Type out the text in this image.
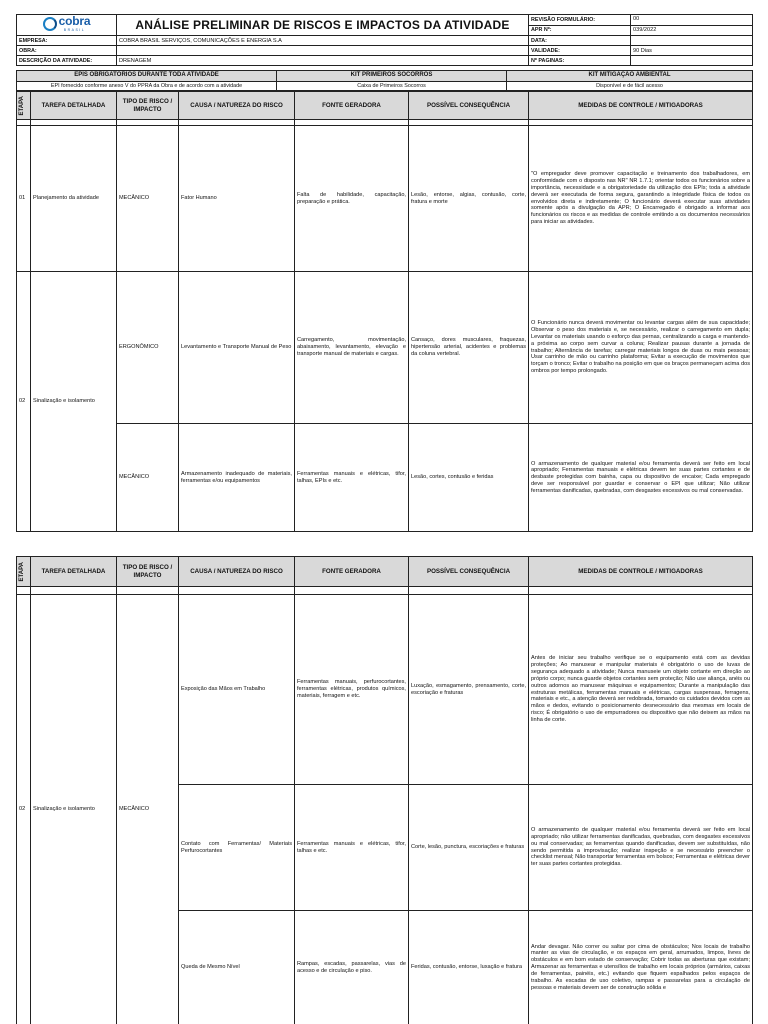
cobra
BRASIL	ANÁLISE PRELIMINAR DE RISCOS E IMPACTOS DA ATIVIDADE	REVISÃO FORMULÁRIO:	00
		APR Nº:	039/2022
EMPRESA:	COBRA BRASIL SERVIÇOS, COMUNICAÇÕES E ENERGIA S.A	DATA:	
OBRA:		VALIDADE:	90 Dias
DESCRIÇÃO DA ATIVIDADE:	DRENAGEM	Nº PAGINAS:	
EPIS OBRIGATÓRIOS DURANTE TODA ATIVIDADE	KIT PRIMEIROS SOCORROS	KIT MITIGAÇÃO AMBIENTAL
EPI fornecido conforme anexo V do PPRA da Obra e de acordo com a atividade	Caixa de Primeiros Socorros	Disponível e de fácil acesso
ETAPA	TAREFA DETALHADA	TIPO DE RISCO / IMPACTO	CAUSA / NATUREZA DO RISCO	FONTE GERADORA	POSSÍVEL CONSEQUÊNCIA	MEDIDAS DE CONTROLE / MITIGADORAS

01	Planejamento da atividade	MECÂNICO	Fator Humano	Falta de habilidade, capacitação, preparação e prática.	Lesão, entorse, algias, contusão, corte, fratura e morte	"O empregador deve promover capacitação e treinamento dos trabalhadores, em conformidade com o disposto nas NR" NR 1.7.1; orientar todos os funcionários sobre a importância, necessidade e a obrigatoriedade da utilização dos EPIs; toda a atividade deverá ser executada de forma segura, garantindo a integridade física de todos os envolvidos direta e indiretamente; O funcionário deverá executar suas atividades somente após a divulgação da APR; O Encarregado é obrigado a informar aos funcionários os riscos e as medidas de controle emitindo a os documentos necessários para iniciar as atividades.
02	Sinalização e isolamento	ERGONÔMICO	Levantamento e Transporte Manual de Peso	Carregamento, movimentação, abaixamento, levantamento, elevação e transporte manual de materiais e cargas.	Cansaço, dores musculares, fraquezas, hipertensão arterial, acidentes e problemas da coluna vertebral.	O Funcionário nunca deverá movimentar ou levantar cargas além de sua capacidade; Observar o peso dos materiais e, se necessário, realizar o carregamento em dupla; Levantar os materiais usando o esforço das pernas, centralizando a carga e mantendo-a próxima ao corpo sem curvar a coluna; Realizar pausas durante a jornada de trabalho; Alternância de tarefas; carregar materiais longos de duas ou mais pessoas; Usar carrinho de mão ou carrinho plataforma; Evitar a execução de movimentos que torçam o tronco; Evitar o trabalho na posição em que os braços permaneçam acima dos ombros por tempo prolongado.
		MECÂNICO	Armazenamento inadequado de materiais, ferramentas e/ou equipamentos	Ferramentas manuais e elétricas, tifor, talhas, EPIs e etc.	Lesão, cortes, contusão e feridas	O armazenamento de qualquer material e/ou ferramenta deverá ser feito em local apropriado; Ferramentas manuais e elétricas devem ter suas partes cortantes e de desbaste protegidas com bainha, capa ou dispositivo de encaixe; Cada empregado deve ser responsável por guardar e conservar o EPI que utilizar; Não utilizar ferramentas danificadas, quebradas, com desgastes excessivos ou mal conservadas.
ETAPA	TAREFA DETALHADA	TIPO DE RISCO / IMPACTO	CAUSA / NATUREZA DO RISCO	FONTE GERADORA	POSSÍVEL CONSEQUÊNCIA	MEDIDAS DE CONTROLE / MITIGADORAS

02	Sinalização e isolamento	MECÂNICO	Exposição das Mãos em Trabalho	Ferramentas manuais, perfurocortantes, ferramentas elétricas, produtos químicos, materiais, ferragem e etc.	Luxação, esmagamento, prensamento, corte, escoriação e fraturas	Antes de iniciar seu trabalho verifique se o equipamento está com as devidas proteções; Ao manusear e manipular materiais é obrigatório o uso de luvas de segurança adequado a atividade; Nunca manuseie um objeto cortante em direção ao próprio corpo; nunca guarde objetos cortantes sem proteção; Não use aliança, anéis ou outros adornos ao manusear máquinas e equipamentos; Durante a manipulação das estruturas metálicas, ferramentas manuais e elétricas, cargas suspensas, ferragens, materiais e etc., a atenção deverá ser redobrada, tomando os cuidados devidos com as mãos e dedos, evitando o posicionamento desnecessário das mesmas em locais de risco; É obrigatório o uso de empurradores ou dispositivo que não deixem as mãos na linha de corte.
			Contato com Ferramentas/ Materiais Perfurocortantes	Ferramentas manuais e elétricas, tifor, talhas e etc.	Corte, lesão, punctura, escoriações e fraturas	O armazenamento de qualquer material e/ou ferramenta deverá ser feito em local apropriado; não utilizar ferramentas danificadas, quebradas, com desgastes excessivos ou mal conservadas; as ferramentas quando danificadas, devem ser substituídas, não sendo permitida a improvisação; realizar inspeção e se necessário preencher o checklist mensal; Não transportar ferramentas em bolsos; Ferramentas e elétricas dever ter suas partes cortantes protegidas.
			Queda de Mesmo Nível	Rampas, escadas, passarelas, vias de acesso e de circulação e piso.	Feridas, contusão, entorse, luxação e fratura	Andar devagar. Não correr ou saltar por cima de obstáculos; Nos locais de trabalho manter as vias de circulação, e os espaços em geral, arrumados, limpos, livres de obstáculos e em bom estado de conservação; Cobrir todas as aberturas que existam; Armazenar as ferramentas e utensílios de trabalho em locais próprios (armários, caixas de ferramentas, painéis, etc.) evitando que fiquem espalhados pelos espaços de trabalho. As escadas de uso coletivo, rampas e passarelas para a circulação de pessoas e materiais devem ser de construção sólida e
